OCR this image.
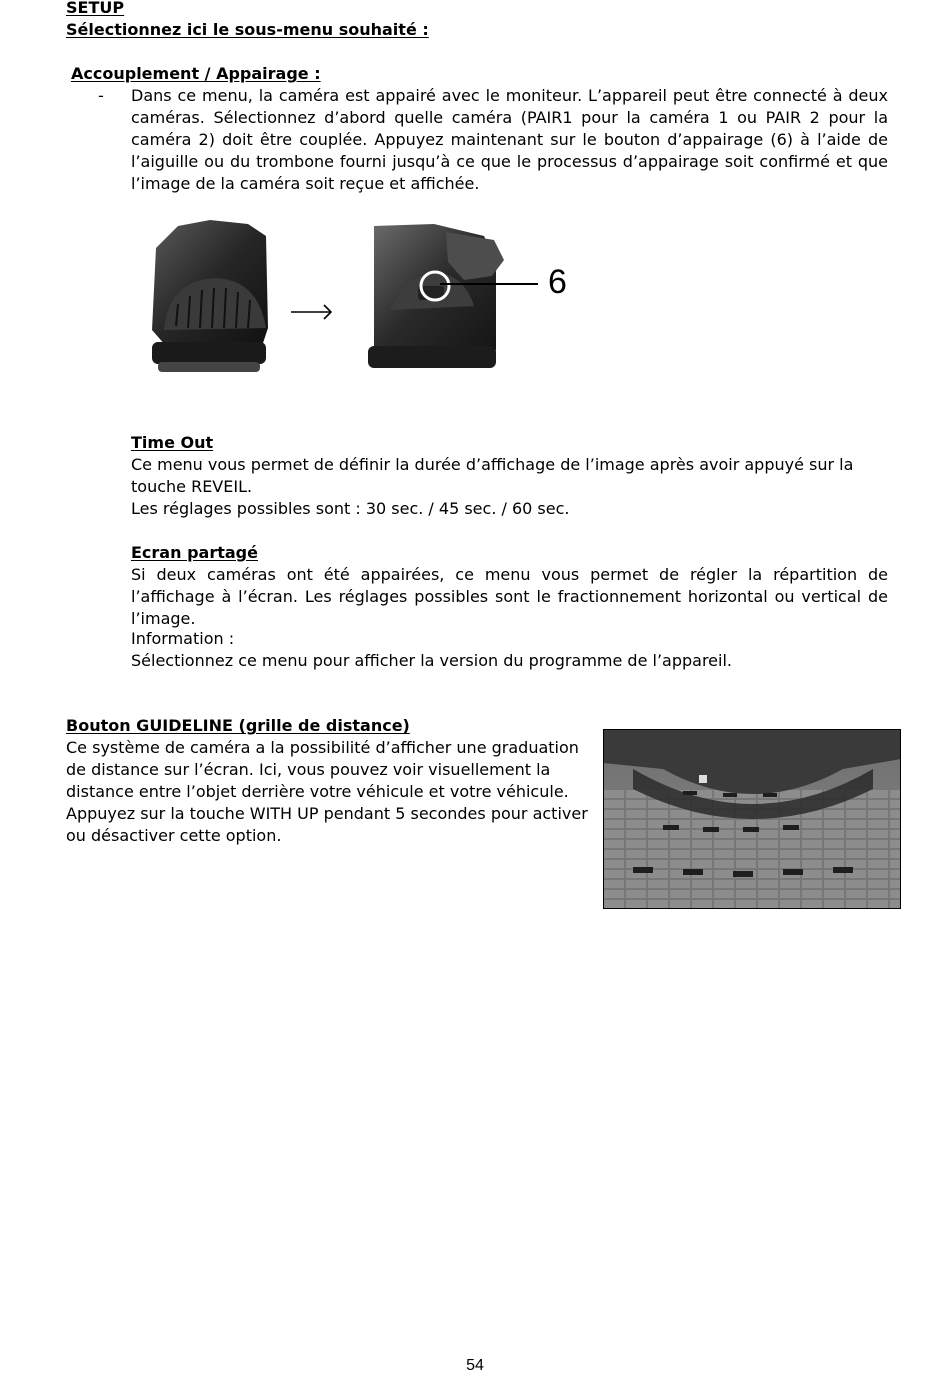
SETUP
Sélectionnez ici le sous-menu souhaité :
Accouplement / Appairage :
- Dans ce menu, la caméra est appairé avec le moniteur. L’appareil peut être connecté à deux caméras. Sélectionnez d’abord quelle caméra (PAIR1 pour la caméra 1 ou PAIR 2 pour la caméra 2) doit être couplée. Appuyez maintenant sur le bouton d’appairage (6) à l’aide de l’aiguille ou du trombone fourni jusqu’à ce que le processus d’appairage soit confirmé et que l’image de la caméra soit reçue et affichée.

6
Time Out

Ce menu vous permet de définir la durée d’affichage de l’image après avoir appuyé sur la touche REVEIL.

Les réglages possibles sont : 30 sec. / 45 sec. / 60 sec.
Ecran partagé

Si deux caméras ont été appairées, ce menu vous permet de régler la répartition de l’affichage à l’écran. Les réglages possibles sont le fractionnement horizontal ou vertical de l’image.

Information :
Sélectionnez ce menu pour afficher la version du programme de l’appareil.
Bouton GUIDELINE (grille de distance)

Ce système de caméra a la possibilité d’afficher une graduation de distance sur l’écran. Ici, vous pouvez voir visuellement la distance entre l’objet derrière votre véhicule et votre véhicule. Appuyez sur la touche WITH UP pendant 5 secondes pour activer ou désactiver cette option.

54
